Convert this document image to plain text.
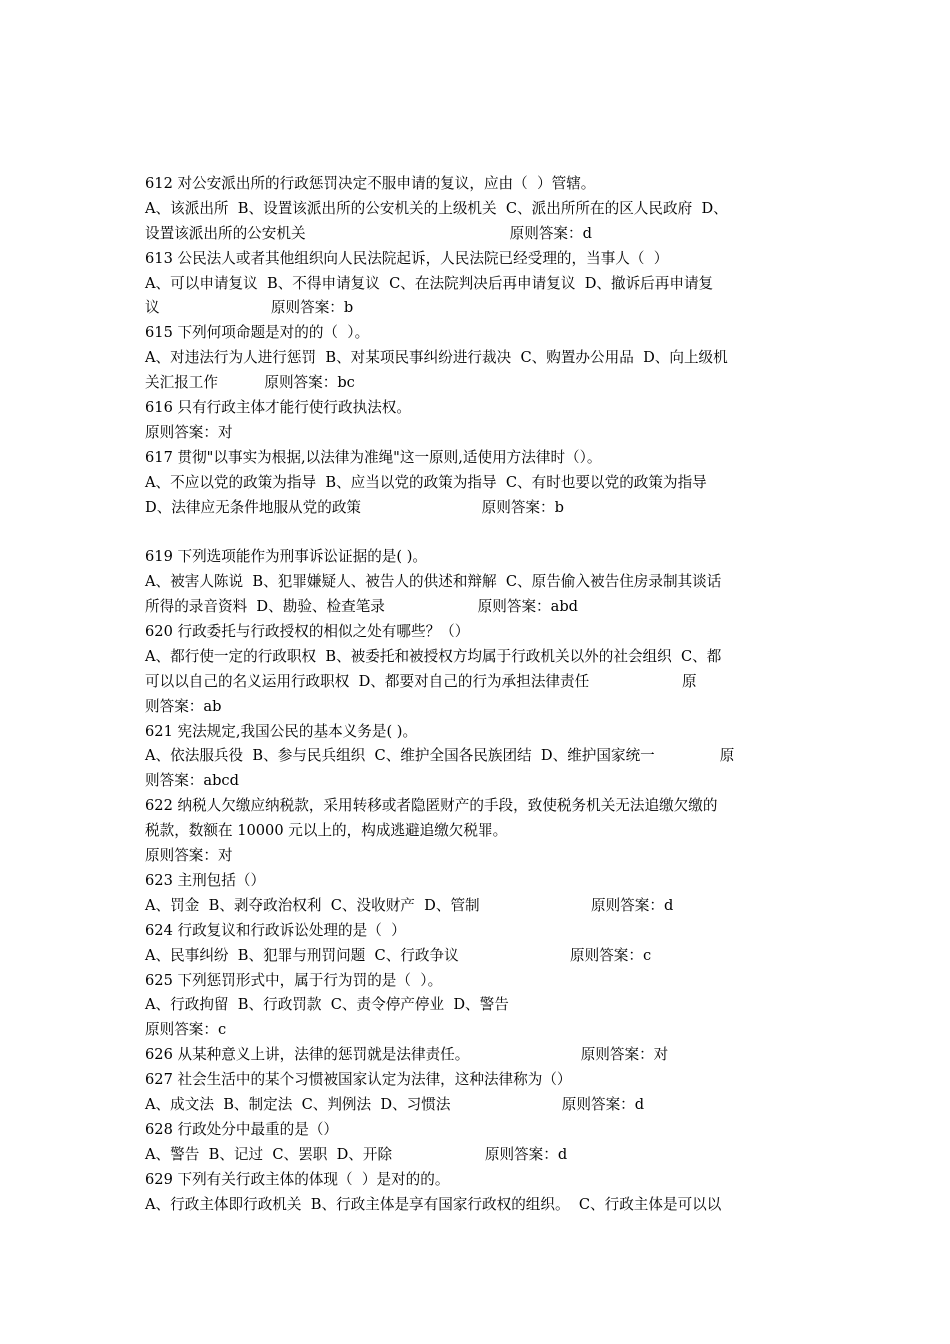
612 对公安派出所的行政惩罚决定不服申请的复议，应由（  ）管辖。
A、该派出所  B、设置该派出所的公安机关的上级机关  C、派出所所在的区人民政府  D、
设置该派出所的公安机关                                            原则答案：d
613 公民法人或者其他组织向人民法院起诉，人民法院已经受理的，当事人（  ）
A、可以申请复议  B、不得申请复议  C、在法院判决后再申请复议  D、撤诉后再申请复
议                        原则答案：b
615 下列何项命题是对的的（  ）。
A、对违法行为人进行惩罚  B、对某项民事纠纷进行裁决  C、购置办公用品  D、向上级机
关汇报工作          原则答案：bc
616 只有行政主体才能行使行政执法权。
原则答案：对
617 贯彻"以事实为根据,以法律为准绳"这一原则,适使用方法律时（）。
A、不应以党的政策为指导  B、应当以党的政策为指导  C、有时也要以党的政策为指导
D、法律应无条件地服从党的政策                          原则答案：b
619 下列选项能作为刑事诉讼证据的是( )。
A、被害人陈说  B、犯罪嫌疑人、被告人的供述和辩解  C、原告偷入被告住房录制其谈话
所得的录音资料  D、勘验、检查笔录                    原则答案：abd
620 行政委托与行政授权的相似之处有哪些？（）
A、都行使一定的行政职权  B、被委托和被授权方均属于行政机关以外的社会组织  C、都
可以以自己的名义运用行政职权  D、都要对自己的行为承担法律责任                    原
则答案：ab
621 宪法规定,我国公民的基本义务是( )。
A、依法服兵役  B、参与民兵组织  C、维护全国各民族团结  D、维护国家统一              原
则答案：abcd
622 纳税人欠缴应纳税款，采用转移或者隐匿财产的手段，致使税务机关无法追缴欠缴的
税款，数额在 10000 元以上的，构成逃避追缴欠税罪。
原则答案：对
623 主刑包括（）
A、罚金  B、剥夺政治权利  C、没收财产  D、管制                        原则答案：d
624 行政复议和行政诉讼处理的是（  ）
A、民事纠纷  B、犯罪与刑罚问题  C、行政争议                        原则答案：c
625 下列惩罚形式中，属于行为罚的是（  ）。
A、行政拘留  B、行政罚款  C、责令停产停业  D、警告
原则答案：c
626 从某种意义上讲，法律的惩罚就是法律责任。                        原则答案：对
627 社会生活中的某个习惯被国家认定为法律，这种法律称为（）
A、成文法  B、制定法  C、判例法  D、习惯法                        原则答案：d
628 行政处分中最重的是（）
A、警告  B、记过  C、罢职  D、开除                    原则答案：d
629 下列有关行政主体的体现（  ）是对的的。
A、行政主体即行政机关  B、行政主体是享有国家行政权的组织。  C、行政主体是可以以
